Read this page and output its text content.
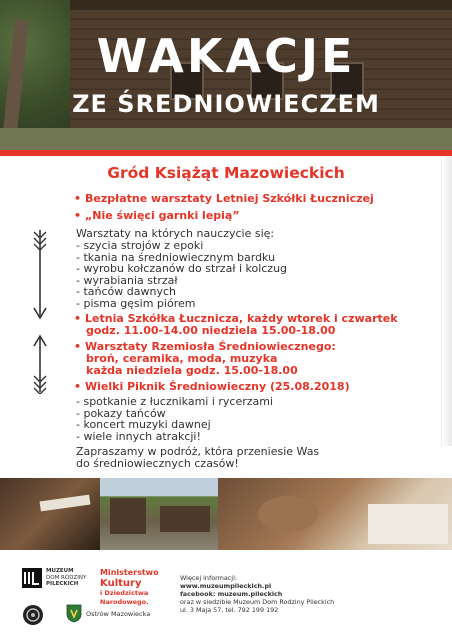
WAKACJE
ZE ŚREDNIOWIECZEM

Gród Książąt Mazowieckich

• Bezpłatne warsztaty Letniej Szkółki Łuczniczej

• „Nie święci garnki lepią”

Warsztaty na których nauczycie się:

- szycia strojów z epoki

- tkania na średniowiecznym bardku

- wyrobu kołczanów do strzał i kolczug

- wyrabiania strzał

- tańców dawnych

- pisma gęsim piórem

• Letnia Szkółka Łucznicza, każdy wtorek i czwartek

godz. 11.00-14.00 niedziela 15.00-18.00

• Warsztaty Rzemiosła Średniowiecznego:

broń, ceramika, moda, muzyka

każda niedziela godz. 15.00-18.00

• Wielki Piknik Średniowieczny (25.08.2018)

- spotkanie z łucznikami i rycerzami

- pokazy tańców

- koncert muzyki dawnej

- wiele innych atrakcji!

Zapraszamy w podróż, która przeniesie Was

do średniowiecznych czasów!

MUZEUM
DOM RODZINY
PILECKICH
Ministerstwo
Kultury
i Dziedzictwa
Narodowego.

Ostrów Mazowiecka

Więcej informacji:
www.muzeumpileckich.pl
facebook: muzeum.pileckich
oraz w siedzibie Muzeum Dom Rodziny Pileckich
ul. 3 Maja 57, tel. 792 199 192
